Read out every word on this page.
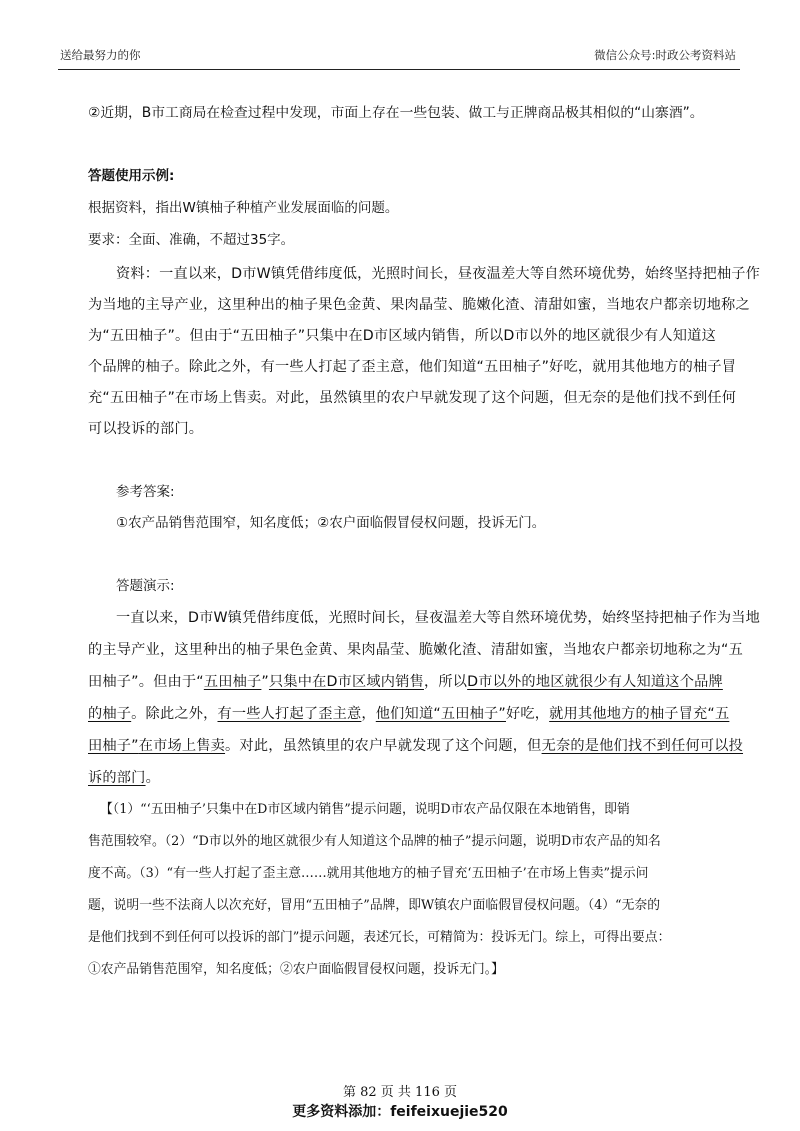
送给最努力的你	微信公众号:时政公考资料站
②近期，B市工商局在检查过程中发现，市面上存在一些包装、做工与正牌商品极其相似的“山寨酒”。
答题使用示例:
根据资料，指出W镇柚子种植产业发展面临的问题。
要求：全面、准确，不超过35字。
资料：一直以来，D市W镇凭借纬度低，光照时间长，昼夜温差大等自然环境优势，始终坚持把柚子作
为当地的主导产业，这里种出的柚子果色金黄、果肉晶莹、脆嫩化渣、清甜如蜜，当地农户都亲切地称之
为“五田柚子”。但由于“五田柚子”只集中在D市区域内销售，所以D市以外的地区就很少有人知道这
个品牌的柚子。除此之外，有一些人打起了歪主意，他们知道“五田柚子”好吃，就用其他地方的柚子冒
充“五田柚子”在市场上售卖。对此，虽然镇里的农户早就发现了这个问题，但无奈的是他们找不到任何
可以投诉的部门。
参考答案:
①农产品销售范围窄，知名度低；②农户面临假冒侵权问题，投诉无门。
答题演示:
一直以来，D市W镇凭借纬度低，光照时间长，昼夜温差大等自然环境优势，始终坚持把柚子作为当地
的主导产业，这里种出的柚子果色金黄、果肉晶莹、脆嫩化渣、清甜如蜜，当地农户都亲切地称之为“五
田柚子”。但由于“五田柚子”只集中在D市区域内销售，所以D市以外的地区就很少有人知道这个品牌
的柚子。除此之外，有一些人打起了歪主意，他们知道“五田柚子”好吃，就用其他地方的柚子冒充“五
田柚子”在市场上售卖。对此，虽然镇里的农户早就发现了这个问题，但无奈的是他们找不到任何可以投
诉的部门。
【（1）“‘五田柚子’只集中在D市区域内销售”提示问题，说明D市农产品仅限在本地销售，即销
售范围较窄。（2）“D市以外的地区就很少有人知道这个品牌的柚子”提示问题，说明D市农产品的知名
度不高。（3）“有一些人打起了歪主意……就用其他地方的柚子冒充‘五田柚子’在市场上售卖”提示问
题，说明一些不法商人以次充好，冒用“五田柚子”品牌，即W镇农户面临假冒侵权问题。（4）“无奈的
是他们找到不到任何可以投诉的部门”提示问题，表述冗长，可精简为：投诉无门。综上，可得出要点：
①农产品销售范围窄，知名度低；②农户面临假冒侵权问题，投诉无门。】
第 82 页 共 116 页
更多资料添加：feifeixuejie520
